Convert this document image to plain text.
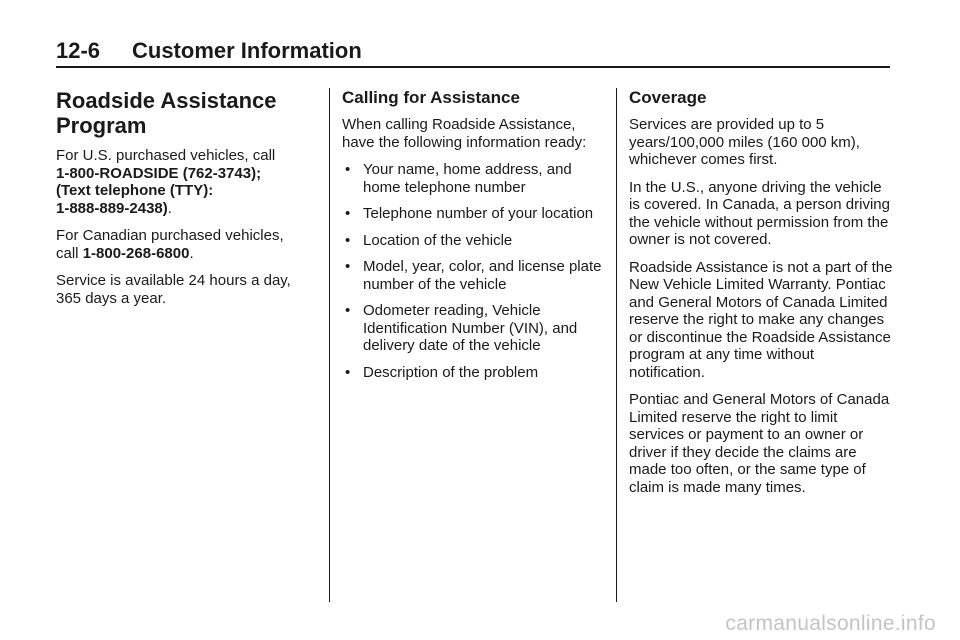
12-6 Customer Information
Roadside Assistance
Program

For U.S. purchased vehicles, call
1-800-ROADSIDE (762-3743);
(Text telephone (TTY):
1-888-889-2438).

For Canadian purchased vehicles,
call 1-800-268-6800.

Service is available 24 hours a day, 365 days a year.

Calling for Assistance

When calling Roadside Assistance, have the following information ready:

• Your name, home address, and home telephone number
• Telephone number of your location
• Location of the vehicle
• Model, year, color, and license plate number of the vehicle
• Odometer reading, Vehicle Identification Number (VIN), and delivery date of the vehicle
• Description of the problem
Coverage

Services are provided up to 5 years/100,000 miles (160 000 km), whichever comes first.

In the U.S., anyone driving the vehicle is covered. In Canada, a person driving the vehicle without permission from the owner is not covered.

Roadside Assistance is not a part of the New Vehicle Limited Warranty. Pontiac and General Motors of Canada Limited reserve the right to make any changes or discontinue the Roadside Assistance program at any time without notification.

Pontiac and General Motors of Canada Limited reserve the right to limit services or payment to an owner or driver if they decide the claims are made too often, or the same type of claim is made many times.

carmanualsonline.info
